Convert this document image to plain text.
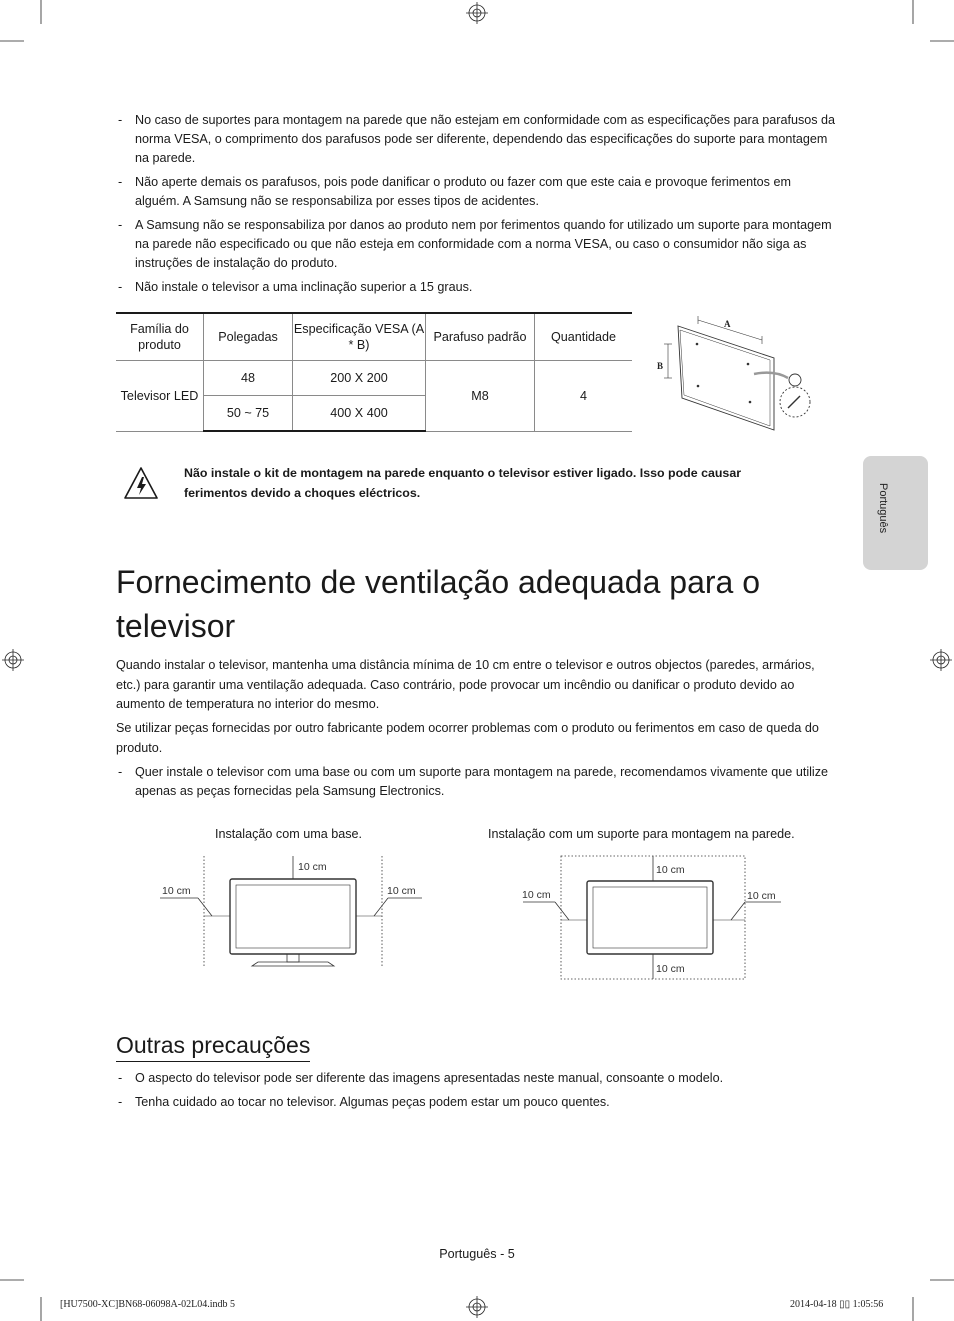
Português
- No caso de suportes para montagem na parede que não estejam em conformidade com as especificações para parafusos da norma VESA, o comprimento dos parafusos pode ser diferente, dependendo das especificações do suporte para montagem na parede.
- Não aperte demais os parafusos, pois pode danificar o produto ou fazer com que este caia e provoque ferimentos em alguém. A Samsung não se responsabiliza por esses tipos de acidentes.
- A Samsung não se responsabiliza por danos ao produto nem por ferimentos quando for utilizado um suporte para montagem na parede não especificado ou que não esteja em conformidade com a norma VESA, ou caso o consumidor não siga as instruções de instalação do produto.
- Não instale o televisor a uma inclinação superior a 15 graus.
Família do produto	Polegadas	Especificação VESA (A * B)	Parafuso padrão	Quantidade
Televisor LED	48	200 X 200	M8	4
	50 ~ 75	400 X 400		
A
B

Não instale o kit de montagem na parede enquanto o televisor estiver ligado. Isso pode causar ferimentos devido a choques eléctricos.

Fornecimento de ventilação adequada para o televisor

Quando instalar o televisor, mantenha uma distância mínima de 10 cm entre o televisor e outros objectos (paredes, armários, etc.) para garantir uma ventilação adequada. Caso contrário, pode provocar um incêndio ou danificar o produto devido ao aumento de temperatura no interior do mesmo.

Se utilizar peças fornecidas por outro fabricante podem ocorrer problemas com o produto ou ferimentos em caso de queda do produto.

- Quer instale o televisor com uma base ou com um suporte para montagem na parede, recomendamos vivamente que utilize apenas as peças fornecidas pela Samsung Electronics.
Instalação com uma base.	Instalação com um suporte para montagem na parede.
10 cm
10 cm	10 cm
10 cm
10 cm
10 cm	10 cm
Outras precauções
- O aspecto do televisor pode ser diferente das imagens apresentadas neste manual, consoante o modelo.
- Tenha cuidado ao tocar no televisor. Algumas peças podem estar um pouco quentes.
Português - 5
[HU7500-XC]BN68-06098A-02L04.indb 5	2014-04-18 ▯▯ 1:05:56
